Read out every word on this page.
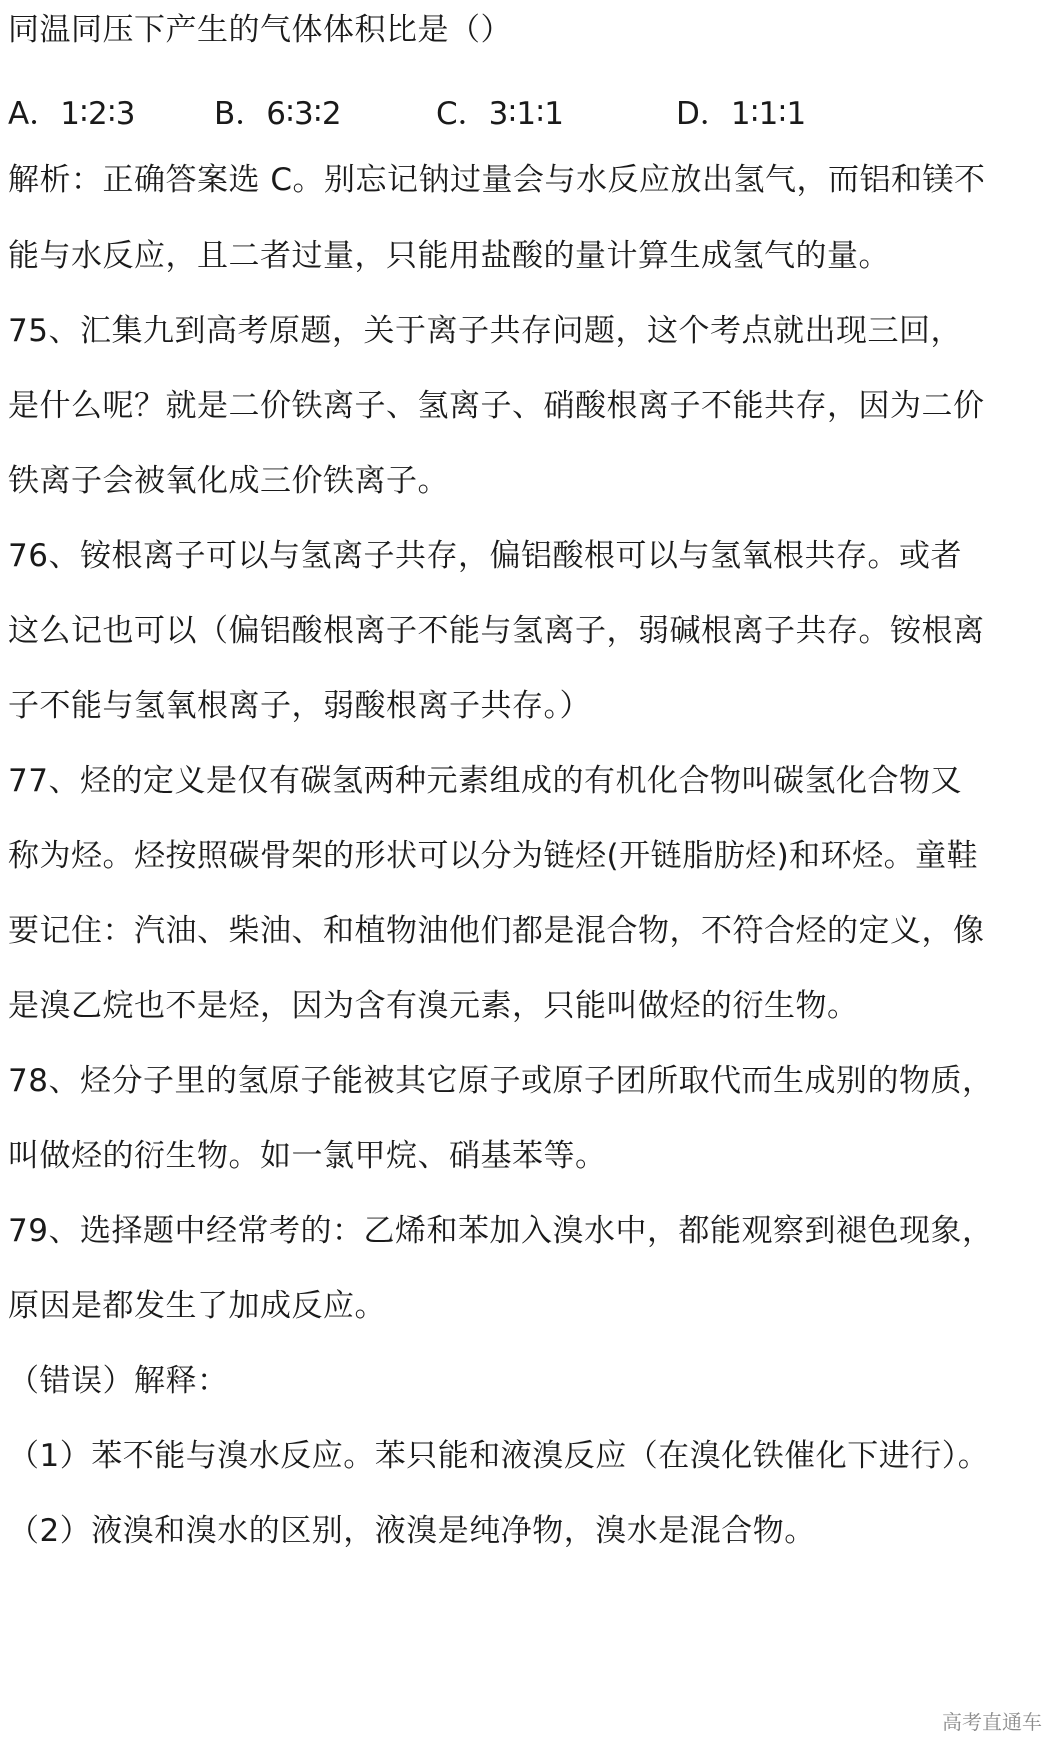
同温同压下产生的气体体积比是（）
A．1∶2∶3	B．6∶3∶2	C．3∶1∶1	D．1∶1∶1
解析：正确答案选 C。别忘记钠过量会与水反应放出氢气，而铝和镁不
能与水反应，且二者过量，只能用盐酸的量计算生成氢气的量。
75、汇集九到高考原题，关于离子共存问题，这个考点就出现三回，
是什么呢？就是二价铁离子、氢离子、硝酸根离子不能共存，因为二价
铁离子会被氧化成三价铁离子。
76、铵根离子可以与氢离子共存，偏铝酸根可以与氢氧根共存。或者
这么记也可以（偏铝酸根离子不能与氢离子，弱碱根离子共存。铵根离
子不能与氢氧根离子，弱酸根离子共存。）
77、烃的定义是仅有碳氢两种元素组成的有机化合物叫碳氢化合物又
称为烃。烃按照碳骨架的形状可以分为链烃(开链脂肪烃)和环烃。童鞋
要记住：汽油、柴油、和植物油他们都是混合物，不符合烃的定义，像
是溴乙烷也不是烃，因为含有溴元素，只能叫做烃的衍生物。
78、烃分子里的氢原子能被其它原子或原子团所取代而生成别的物质，
叫做烃的衍生物。如一氯甲烷、硝基苯等。
79、选择题中经常考的：乙烯和苯加入溴水中，都能观察到褪色现象，
原因是都发生了加成反应。
（错误）解释：
（1）苯不能与溴水反应。苯只能和液溴反应（在溴化铁催化下进行）。
（2）液溴和溴水的区别，液溴是纯净物，溴水是混合物。
高考直通车
